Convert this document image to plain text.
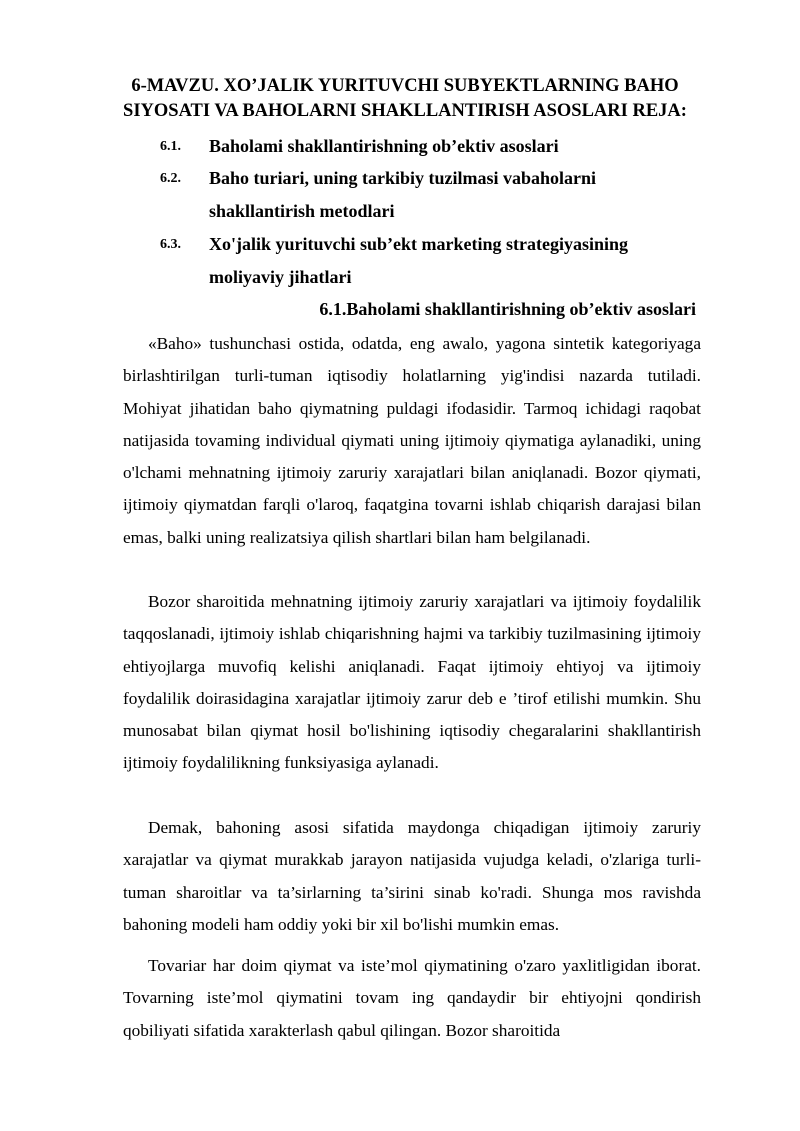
6-MAVZU. XO’JALIK YURITUVCHI SUBYEKTLARNING BAHO SIYOSATI VA BAHOLARNI SHAKLLANTIRISH ASOSLARI REJA:
6.1. Baholami shakllantirishning ob’ektiv asoslari
6.2. Baho turiari, uning tarkibiy tuzilmasi vabaholarni shakllantirish metodlari
6.3. Xo'jalik yurituvchi sub’ekt marketing strategiyasining moliyaviy jihatlari
6.1.Baholami shakllantirishning ob’ektiv asoslari

«Baho» tushunchasi ostida, odatda, eng awalo, yagona sintetik kategoriyaga birlashtirilgan turli-tuman iqtisodiy holatlarning yig'indisi nazarda tutiladi. Mohiyat jihatidan baho qiymatning puldagi ifodasidir. Tarmoq ichidagi raqobat natijasida tovaming individual qiymati uning ijtimoiy qiymatiga aylanadiki, uning o'lchami mehnatning ijtimoiy zaruriy xarajatlari bilan aniqlanadi. Bozor qiymati, ijtimoiy qiymatdan farqli o'laroq, faqatgina tovarni ishlab chiqarish darajasi bilan emas, balki uning realizatsiya qilish shartlari bilan ham belgilanadi.

Bozor sharoitida mehnatning ijtimoiy zaruriy xarajatlari va ijtimoiy foydalilik taqqoslanadi, ijtimoiy ishlab chiqarishning hajmi va tarkibiy tuzilmasining ijtimoiy ehtiyojlarga muvofiq kelishi aniqlanadi. Faqat ijtimoiy ehtiyoj va ijtimoiy foydalilik doirasidagina xarajatlar ijtimoiy zarur deb e ’tirof etilishi mumkin. Shu munosabat bilan qiymat hosil bo'lishining iqtisodiy chegaralarini shakllantirish ijtimoiy foydalilikning funksiyasiga aylanadi.

Demak, bahoning asosi sifatida maydonga chiqadigan ijtimoiy zaruriy xarajatlar va qiymat murakkab jarayon natijasida vujudga keladi, o'zlariga turli-tuman sharoitlar va ta’sirlarning ta’sirini sinab ko'radi. Shunga mos ravishda bahoning modeli ham oddiy yoki bir xil bo'lishi mumkin emas.

Tovariar har doim qiymat va iste’mol qiymatining o'zaro yaxlitligidan iborat. Tovarning iste’mol qiymatini tovam ing qandaydir bir ehtiyojni qondirish qobiliyati sifatida xarakterlash qabul qilingan. Bozor sharoitida
